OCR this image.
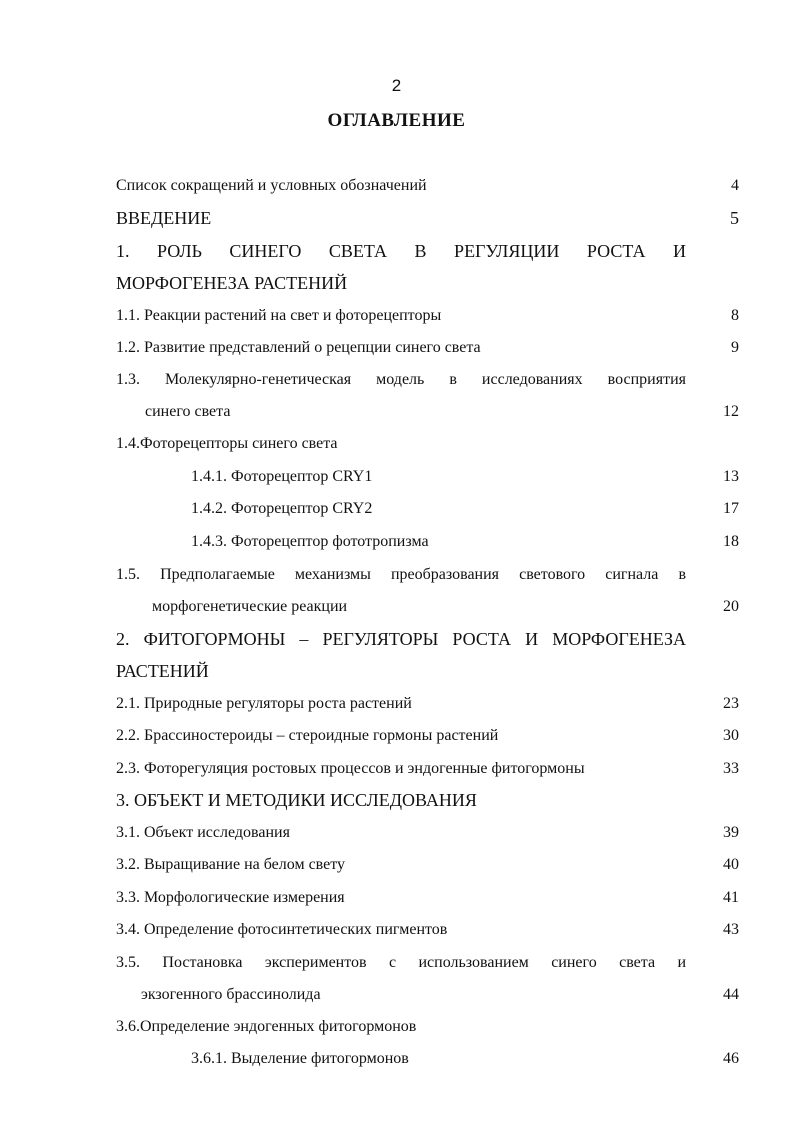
2
ОГЛАВЛЕНИЕ
Список сокращений и условных обозначений	4
ВВЕДЕНИЕ	5
1. РОЛЬ СИНЕГО СВЕТА В РЕГУЛЯЦИИ РОСТА И
МОРФОГЕНЕЗА РАСТЕНИЙ
1.1. Реакции растений на свет и фоторецепторы	8
1.2. Развитие представлений о рецепции синего света	9
1.3. Молекулярно-генетическая модель в исследованиях восприятия
синего света	12
1.4.Фоторецепторы синего света
1.4.1. Фоторецептор CRY1	13
1.4.2. Фоторецептор CRY2	17
1.4.3. Фоторецептор фототропизма	18
1.5. Предполагаемые механизмы преобразования светового сигнала в
морфогенетические реакции	20
2. ФИТОГОРМОНЫ – РЕГУЛЯТОРЫ РОСТА И МОРФОГЕНЕЗА
РАСТЕНИЙ
2.1. Природные регуляторы роста растений	23
2.2. Брассиностероиды – стероидные гормоны растений	30
2.3. Фоторегуляция ростовых процессов и эндогенные фитогормоны	33
3. ОБЪЕКТ И МЕТОДИКИ ИССЛЕДОВАНИЯ
3.1. Объект исследования	39
3.2. Выращивание на белом свету	40
3.3. Морфологические измерения	41
3.4. Определение фотосинтетических пигментов	43
3.5. Постановка экспериментов с использованием синего света и
экзогенного брассинолида	44
3.6.Определение эндогенных фитогормонов
3.6.1. Выделение фитогормонов	46
